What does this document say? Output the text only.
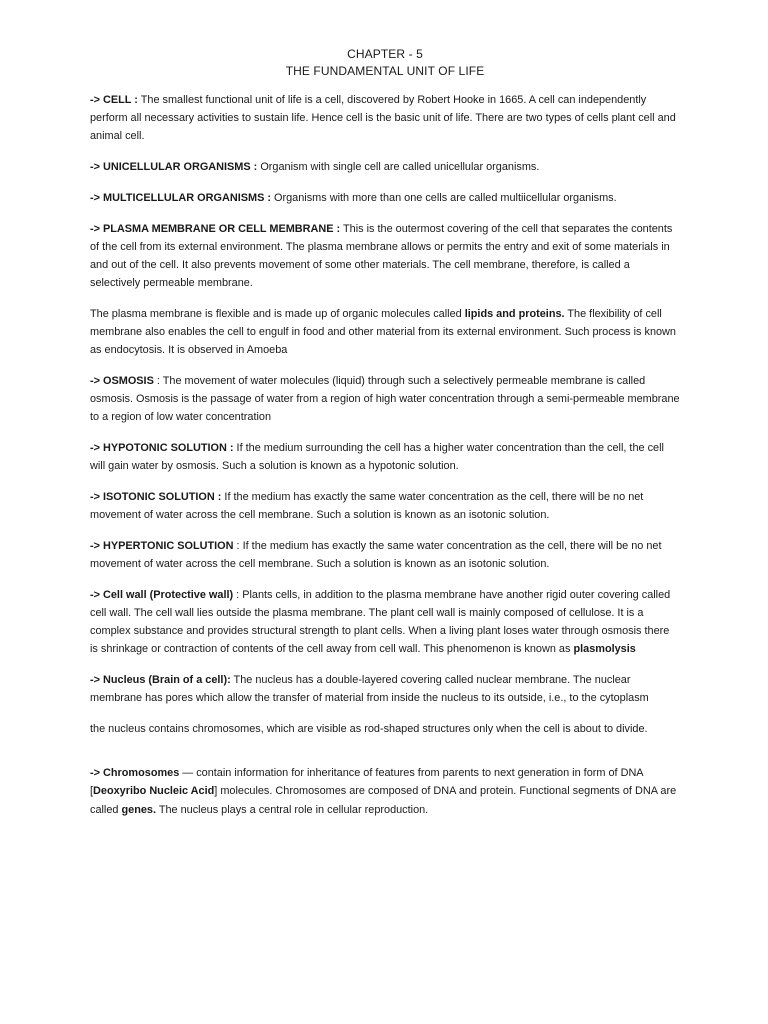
CHAPTER - 5
THE FUNDAMENTAL UNIT OF LIFE

-> CELL : The smallest functional unit of life is a cell, discovered by Robert Hooke in 1665. A cell can independently perform all necessary activities to sustain life. Hence cell is the basic unit of life. There are two types of cells plant cell and animal cell.

-> UNICELLULAR ORGANISMS : Organism with single cell are called unicellular organisms.

-> MULTICELLULAR ORGANISMS : Organisms with more than one cells are called multiicellular organisms.

-> PLASMA MEMBRANE OR CELL MEMBRANE : This is the outermost covering of the cell that separates the contents of the cell from its external environment. The plasma membrane allows or permits the entry and exit of some materials in and out of the cell. It also prevents movement of some other materials. The cell membrane, therefore, is called a selectively permeable membrane.

The plasma membrane is flexible and is made up of organic molecules called lipids and proteins. The flexibility of cell membrane also enables the cell to engulf in food and other material from its external environment. Such process is known as endocytosis. It is observed in Amoeba

-> OSMOSIS : The movement of water molecules (liquid) through such a selectively permeable membrane is called osmosis. Osmosis is the passage of water from a region of high water concentration through a semi-permeable membrane to a region of low water concentration

-> HYPOTONIC SOLUTION : If the medium surrounding the cell has a higher water concentration than the cell, the cell will gain water by osmosis. Such a solution is known as a hypotonic solution.

-> ISOTONIC SOLUTION : If the medium has exactly the same water concentration as the cell, there will be no net movement of water across the cell membrane. Such a solution is known as an isotonic solution.

-> HYPERTONIC SOLUTION : If the medium has exactly the same water concentration as the cell, there will be no net movement of water across the cell membrane. Such a solution is known as an isotonic solution.

-> Cell wall (Protective wall) : Plants cells, in addition to the plasma membrane have another rigid outer covering called cell wall. The cell wall lies outside the plasma membrane. The plant cell wall is mainly composed of cellulose. It is a complex substance and provides structural strength to plant cells. When a living plant loses water through osmosis there is shrinkage or contraction of contents of the cell away from cell wall. This phenomenon is known as plasmolysis

-> Nucleus (Brain of a cell): The nucleus has a double-layered covering called nuclear membrane. The nuclear membrane has pores which allow the transfer of material from inside the nucleus to its outside, i.e., to the cytoplasm

the nucleus contains chromosomes, which are visible as rod-shaped structures only when the cell is about to divide.

-> Chromosomes — contain information for inheritance of features from parents to next generation in form of DNA [Deoxyribo Nucleic Acid] molecules. Chromosomes are composed of DNA and protein. Functional segments of DNA are called genes. The nucleus plays a central role in cellular reproduction.
